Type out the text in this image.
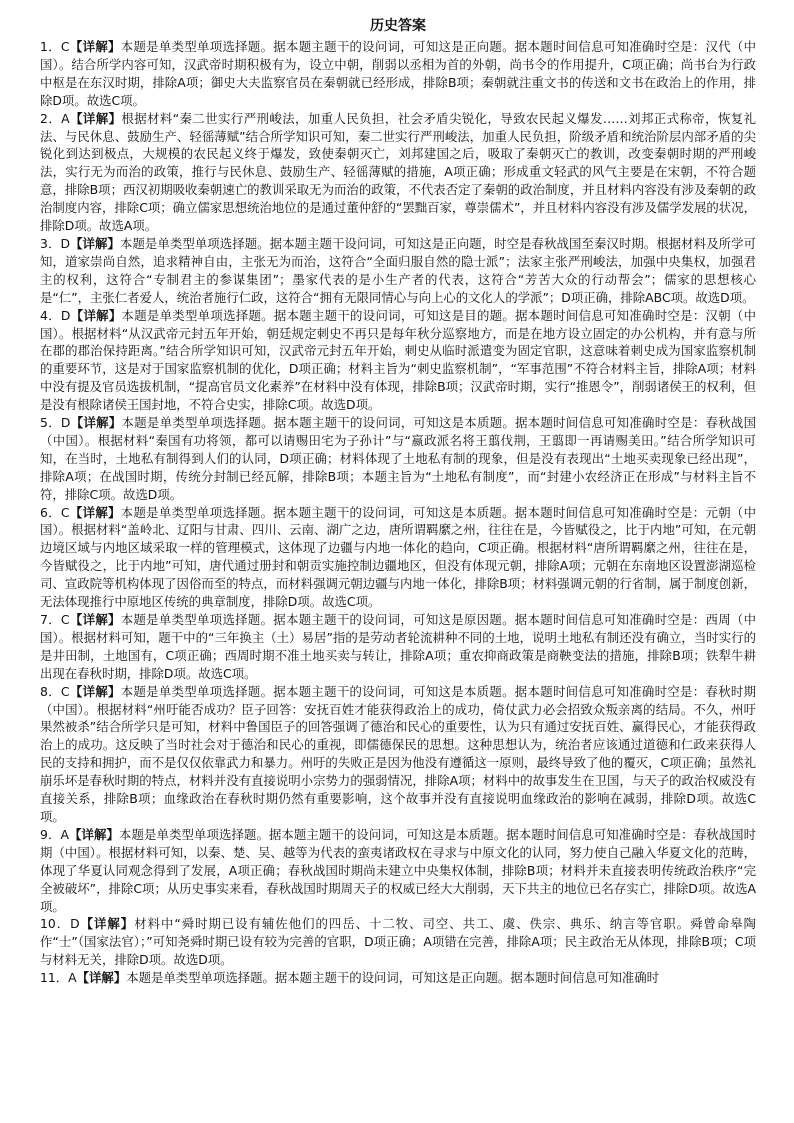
历史答案

1．C【详解】本题是单类型单项选择题。据本题主题干的设问词，可知这是正向题。据本题时间信息可知准确时空是：汉代（中国）。结合所学内容可知，汉武帝时期积极有为，设立中朝，削弱以丞相为首的外朝，尚书令的作用提升，C项正确；尚书台为行政中枢是在东汉时期，排除A项；御史大夫监察官员在秦朝就已经形成，排除B项；秦朝就注重文书的传送和文书在政治上的作用，排除D项。故选C项。

2．A【详解】根据材料“秦二世实行严刑峻法，加重人民负担，社会矛盾尖锐化，导致农民起义爆发……刘邦正式称帝，恢复礼法、与民休息、鼓励生产、轻徭薄赋”结合所学知识可知，秦二世实行严刑峻法，加重人民负担，阶级矛盾和统治阶层内部矛盾的尖锐化到达到极点，大规模的农民起义终于爆发，致使秦朝灭亡，刘邦建国之后，吸取了秦朝灭亡的教训，改变秦朝时期的严刑峻法，实行无为而治的政策，推行与民休息、鼓励生产、轻徭薄赋的措施，A项正确；形成重文轻武的风气主要是在宋朝，不符合题意，排除B项；西汉初期吸收秦朝速亡的教训采取无为而治的政策，不代表否定了秦朝的政治制度，并且材料内容没有涉及秦朝的政治制度内容，排除C项；确立儒家思想统治地位的是通过董仲舒的“罢黜百家，尊崇儒术”，并且材料内容没有涉及儒学发展的状况，排除D项。故选A项。

3．D【详解】本题是单类型单项选择题。据本题主题干设问词，可知这是正向题，时空是春秋战国至秦汉时期。根据材料及所学可知，道家崇尚自然，追求精神自由，主张无为而治，这符合“全面归服自然的隐士派”；法家主张严刑峻法，加强中央集权，加强君主的权利，这符合“专制君主的参谋集团”；墨家代表的是小生产者的代表，这符合“芳苦大众的行动帮会”；儒家的思想核心是“仁”，主张仁者爱人，统治者施行仁政，这符合“拥有无限同情心与向上心的文化人的学派”；D项正确，排除ABC项。故选D项。

4．D【详解】本题是单类型单项选择题。据本题主题干的设问词，可知这是目的题。据本题时间信息可知准确时空是：汉朝（中国）。根据材料“从汉武帝元封五年开始，朝廷规定刺史不再只是每年秋分巡察地方，而是在地方设立固定的办公机构，并有意与所在郡的郡治保持距离。”结合所学知识可知，汉武帝元封五年开始，刺史从临时派遣变为固定官职，这意味着刺史成为国家监察机制的重要环节，这是对于国家监察机制的优化，D项正确；材料主旨为“刺史监察机制”，“军事范围”不符合材料主旨，排除A项；材料中没有提及官员选拔机制，“提高官员文化素养”在材料中没有体现，排除B项；汉武帝时期，实行“推恩令”，削弱诸侯王的权利，但是没有根除诸侯王国封地，不符合史实，排除C项。故选D项。

5．D【详解】本题是单类型单项选择题。据本题主题干的设问词，可知这是本质题。据本题时间信息可知准确时空是：春秋战国（中国）。根据材料“秦国有功将领，都可以请赐田宅为子孙计”与“嬴政派名将王翦伐荆，王翦即一再请赐美田。”结合所学知识可知，在当时，土地私有制得到人们的认同，D项正确；材料体现了土地私有制的现象，但是没有表现出“土地买卖现象已经出现”，排除A项；在战国时期，传统分封制已经瓦解，排除B项；本题主旨为“土地私有制度”，而“封建小农经济正在形成”与材料主旨不符，排除C项。故选D项。

6．C【详解】本题是单类型单项选择题。据本题主题干的设问词，可知这是本质题。据本题时间信息可知准确时空是：元朝（中国）。根据材料“盖岭北、辽阳与甘肃、四川、云南、湖广之边，唐所谓羁縻之州，往往在是，今皆赋役之，比于内地”可知，在元朝边境区域与内地区域采取一样的管理模式，这体现了边疆与内地一体化的趋向，C项正确。根据材料“唐所谓羁縻之州，往往在是，今皆赋役之，比于内地”可知，唐代通过册封和朝贡实施控制边疆地区，但没有体现元朝，排除A项；元朝在东南地区设置澎湖巡检司、宣政院等机构体现了因俗而至的特点，而材料强调元朝边疆与内地一体化，排除B项；材料强调元朝的行省制，属于制度创新，无法体现推行中原地区传统的典章制度，排除D项。故选C项。

7．C【详解】本题是单类型单项选择题。据本题主题干的设问词，可知这是原因题。据本题时间信息可知准确时空是：西周（中国）。根据材料可知，题干中的“三年换主（土）易居”指的是劳动者轮流耕种不同的土地，说明土地私有制还没有确立，当时实行的是井田制，土地国有，C项正确；西周时期不准土地买卖与转让，排除A项；重农抑商政策是商鞅变法的措施，排除B项；铁犁牛耕出现在春秋时期，排除D项。故选C项。

8．C【详解】本题是单类型单项选择题。据本题主题干的设问词，可知这是本质题。据本题时间信息可知准确时空是：春秋时期（中国）。根据材料“州吁能否成功？臣子回答：安抚百姓才能获得政治上的成功，倚仗武力必会招致众叛亲离的结局。不久，州吁果然被杀”结合所学只是可知，材料中鲁国臣子的回答强调了德治和民心的重要性，认为只有通过安抚百姓、赢得民心，才能获得政治上的成功。这反映了当时社会对于德治和民心的重视，即儒德保民的思想。这种思想认为，统治者应该通过道德和仁政来获得人民的支持和拥护，而不是仅仅依靠武力和暴力。州吁的失败正是因为他没有遵循这一原则，最终导致了他的覆灭，C项正确；虽然礼崩乐坏是春秋时期的特点，材料并没有直接说明小宗势力的强弱情况，排除A项；材料中的故事发生在卫国，与天子的政治权威没有直接关系，排除B项；血缘政治在春秋时期仍然有重要影响，这个故事并没有直接说明血缘政治的影响在减弱，排除D项。故选C项。

9．A【详解】本题是单类型单项选择题。据本题主题干的设问词，可知这是本质题。据本题时间信息可知准确时空是：春秋战国时期（中国）。根据材料可知，以秦、楚、吴、越等为代表的蛮夷诸政权在寻求与中原文化的认同，努力使自己融入华夏文化的范畴，体现了华夏认同观念得到了发展，A项正确；春秋战国时期尚未建立中央集权体制，排除B项；材料并未直接表明传统政治秩序“完全被破坏”，排除C项；从历史事实来看，春秋战国时期周天子的权威已经大大削弱，天下共主的地位已名存实亡，排除D项。故选A项。

10．D【详解】材料中“舜时期已设有辅佐他们的四岳、十二牧、司空、共工、虞、佚宗、典乐、纳言等官职。舜曾命皋陶作“士”（国家法官）；”可知尧舜时期已设有较为完善的官职，D项正确；A项错在完善，排除A项；民主政治无从体现，排除B项；C项与材料无关，排除D项。故选D项。

11．A【详解】本题是单类型单项选择题。据本题主题干的设问词，可知这是正向题。据本题时间信息可知准确时
